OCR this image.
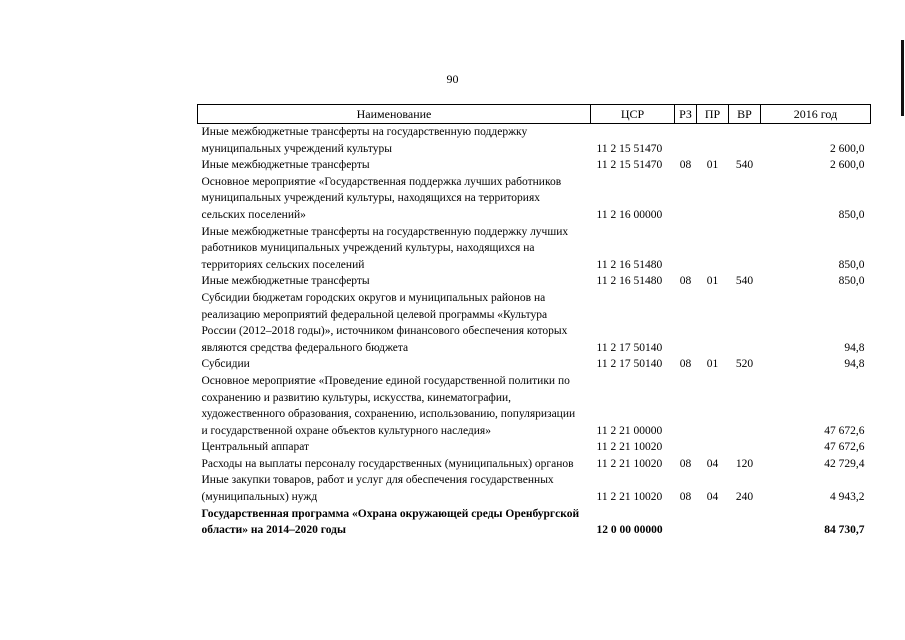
90
Наименование	ЦСР	РЗ	ПР	ВР	2016 год
Иные межбюджетные трансферты на государственную поддержку муниципальных учреждений культуры	11 2 15 51470				2 600,0
Иные межбюджетные трансферты	11 2 15 51470	08	01	540	2 600,0
Основное мероприятие «Государственная поддержка лучших работников муниципальных учреждений культуры, находящихся на территориях сельских поселений»	11 2 16 00000				850,0
Иные межбюджетные трансферты на государственную поддержку лучших работников муниципальных учреждений культуры, находящихся на территориях сельских поселений	11 2 16 51480				850,0
Иные межбюджетные трансферты	11 2 16 51480	08	01	540	850,0
Субсидии бюджетам городских округов и муниципальных районов на реализацию мероприятий федеральной целевой программы «Культура России (2012–2018 годы)», источником финансового обеспечения которых являются средства федерального бюджета	11 2 17 50140				94,8
Субсидии	11 2 17 50140	08	01	520	94,8
Основное мероприятие «Проведение единой государственной политики по сохранению и развитию культуры, искусства, кинематографии, художественного образования, сохранению, использованию, популяризации и государственной охране объектов культурного наследия»	11 2 21 00000				47 672,6
Центральный аппарат	11 2 21 10020				47 672,6
Расходы на выплаты персоналу государственных (муниципальных) органов	11 2 21 10020	08	04	120	42 729,4
Иные закупки товаров, работ и услуг для обеспечения государственных (муниципальных) нужд	11 2 21 10020	08	04	240	4 943,2
Государственная программа «Охрана окружающей среды Оренбургской области» на 2014–2020 годы	12 0 00 00000				84 730,7
